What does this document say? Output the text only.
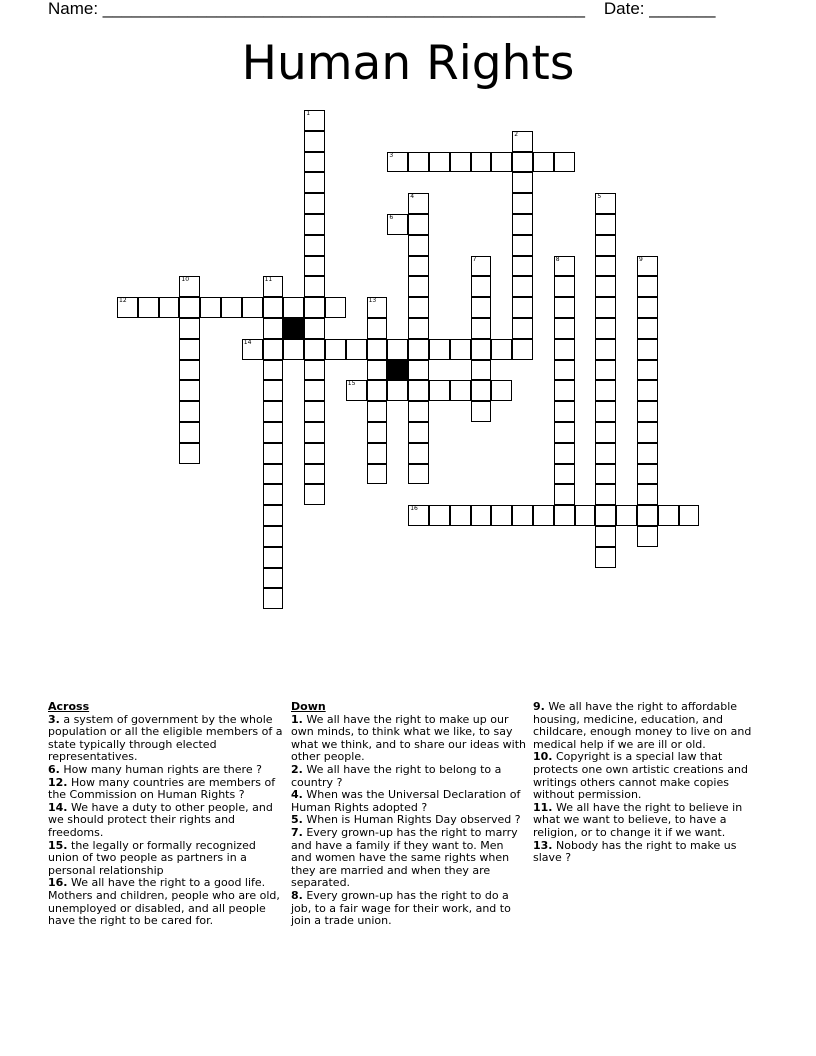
Name: ___________________________________________________    Date: _______
Human Rights
1
2
3
4	5
6
7	8	9
10	11
12	13
14
15
16
Across
3. a system of government by the whole population or all the eligible members of a state typically through elected representatives.
6. How many human rights are there ?
12. How many countries are members of the Commission on Human Rights ?
14. We have a duty to other people, and we should protect their rights and freedoms.
15. the legally or formally recognized union of two people as partners in a personal relationship
16. We all have the right to a good life. Mothers and children, people who are old, unemployed or disabled, and all people have the right to be cared for.
Down
1. We all have the right to make up our own minds, to think what we like, to say what we think, and to share our ideas with other people.
2. We all have the right to belong to a country ?
4. When was the Universal Declaration of Human Rights adopted ?
5. When is Human Rights Day observed ?
7. Every grown-up has the right to marry and have a family if they want to. Men and women have the same rights when they are married and when they are separated.
8. Every grown-up has the right to do a job, to a fair wage for their work, and to join a trade union.
9. We all have the right to affordable housing, medicine, education, and childcare, enough money to live on and medical help if we are ill or old.
10. Copyright is a special law that protects one own artistic creations and writings others cannot make copies without permission.
11. We all have the right to believe in what we want to believe, to have a religion, or to change it if we want.
13. Nobody has the right to make us slave ?
